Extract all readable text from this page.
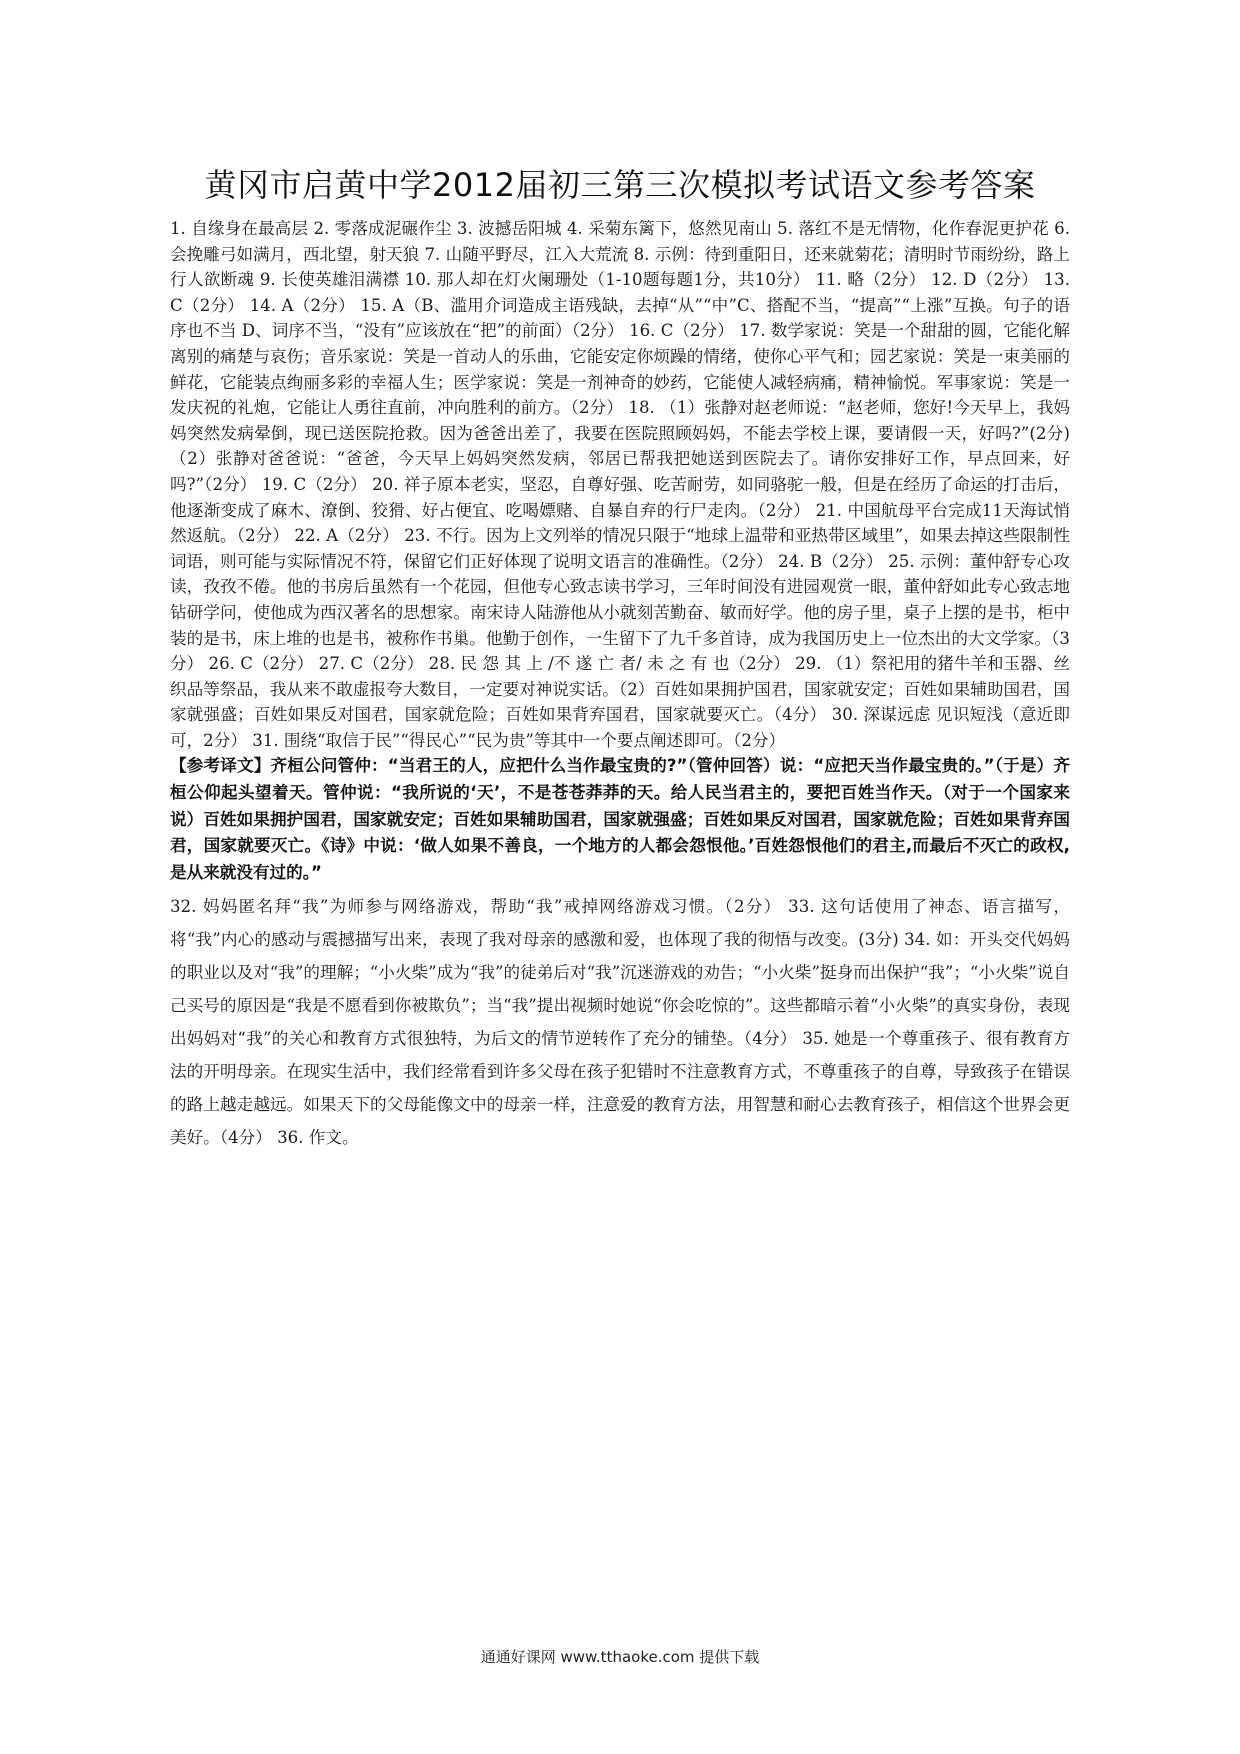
黄冈市启黄中学2012届初三第三次模拟考试语文参考答案

1. 自缘身在最高层 2. 零落成泥碾作尘 3. 波撼岳阳城 4. 采菊东篱下，悠然见南山 5. 落红不是无情物，化作春泥更护花 6. 会挽雕弓如满月，西北望，射天狼 7. 山随平野尽，江入大荒流 8. 示例：待到重阳日，还来就菊花；清明时节雨纷纷，路上行人欲断魂 9. 长使英雄泪满襟 10. 那人却在灯火阑珊处（1-10题每题1分，共10分） 11. 略（2分） 12. D（2分） 13. C（2分） 14. A（2分） 15. A（B、滥用介词造成主语残缺，去掉“从”“中”C、搭配不当，“提高”“上涨”互换。句子的语序也不当 D、词序不当，“没有”应该放在“把”的前面）（2分） 16. C（2分） 17. 数学家说：笑是一个甜甜的圆，它能化解离别的痛楚与哀伤；音乐家说：笑是一首动人的乐曲，它能安定你烦躁的情绪，使你心平气和；园艺家说：笑是一束美丽的鲜花，它能装点绚丽多彩的幸福人生；医学家说：笑是一剂神奇的妙药，它能使人减轻病痛，精神愉悦。军事家说：笑是一发庆祝的礼炮，它能让人勇往直前，冲向胜利的前方。（2分） 18. （1）张静对赵老师说：“赵老师，您好!今天早上，我妈妈突然发病晕倒，现已送医院抢救。因为爸爸出差了，我要在医院照顾妈妈，不能去学校上课，要请假一天，好吗?”(2分) （2）张静对爸爸说：“爸爸，今天早上妈妈突然发病，邻居已帮我把她送到医院去了。请你安排好工作，早点回来，好吗?”（2分） 19. C（2分） 20. 祥子原本老实，坚忍，自尊好强、吃苦耐劳，如同骆驼一般，但是在经历了命运的打击后，他逐渐变成了麻木、潦倒、狡猾、好占便宜、吃喝嫖赌、自暴自弃的行尸走肉。（2分） 21. 中国航母平台完成11天海试悄然返航。（2分） 22. A（2分） 23. 不行。因为上文列举的情况只限于“地球上温带和亚热带区域里”，如果去掉这些限制性词语，则可能与实际情况不符，保留它们正好体现了说明文语言的准确性。（2分） 24. B（2分） 25. 示例：董仲舒专心攻读，孜孜不倦。他的书房后虽然有一个花园，但他专心致志读书学习，三年时间没有进园观赏一眼，董仲舒如此专心致志地钻研学问，使他成为西汉著名的思想家。南宋诗人陆游他从小就刻苦勤奋、敏而好学。他的房子里，桌子上摆的是书，柜中装的是书，床上堆的也是书，被称作书巢。他勤于创作，一生留下了九千多首诗，成为我国历史上一位杰出的大文学家。（3分） 26. C（2分） 27. C（2分） 28. 民 怨 其 上 /不 遂 亡 者/ 未 之 有 也（2分） 29. （1）祭祀用的猪牛羊和玉器、丝织品等祭品，我从来不敢虚报夸大数目，一定要对神说实话。（2）百姓如果拥护国君，国家就安定；百姓如果辅助国君，国家就强盛；百姓如果反对国君，国家就危险；百姓如果背弃国君，国家就要灭亡。（4分） 30. 深谋远虑 见识短浅（意近即可，2分） 31. 围绕“取信于民”“得民心”“民为贵”等其中一个要点阐述即可。（2分）

【参考译文】齐桓公问管仲：“当君王的人，应把什么当作最宝贵的?”（管仲回答）说：“应把天当作最宝贵的。”（于是）齐桓公仰起头望着天。管仲说：“我所说的‘天’，不是苍苍莽莽的天。给人民当君主的，要把百姓当作天。（对于一个国家来说）百姓如果拥护国君，国家就安定；百姓如果辅助国君，国家就强盛；百姓如果反对国君，国家就危险；百姓如果背弃国君，国家就要灭亡。《诗》中说：‘做人如果不善良，一个地方的人都会怨恨他。’百姓怨恨他们的君主,而最后不灭亡的政权,是从来就没有过的。”

32. 妈妈匿名拜“我”为师参与网络游戏，帮助“我”戒掉网络游戏习惯。（2分） 33. 这句话使用了神态、语言描写，将“我”内心的感动与震撼描写出来，表现了我对母亲的感激和爱，也体现了我的彻悟与改变。(3分) 34. 如：开头交代妈妈的职业以及对“我”的理解；“小火柴”成为“我”的徒弟后对“我”沉迷游戏的劝告；“小火柴”挺身而出保护“我”；“小火柴”说自己买号的原因是“我是不愿看到你被欺负”；当“我”提出视频时她说“你会吃惊的”。这些都暗示着“小火柴”的真实身份，表现出妈妈对“我”的关心和教育方式很独特，为后文的情节逆转作了充分的铺垫。（4分） 35. 她是一个尊重孩子、很有教育方法的开明母亲。在现实生活中，我们经常看到许多父母在孩子犯错时不注意教育方式，不尊重孩子的自尊，导致孩子在错误的路上越走越远。如果天下的父母能像文中的母亲一样，注意爱的教育方法，用智慧和耐心去教育孩子，相信这个世界会更美好。（4分） 36. 作文。

通通好课网 www.tthaoke.com 提供下载
